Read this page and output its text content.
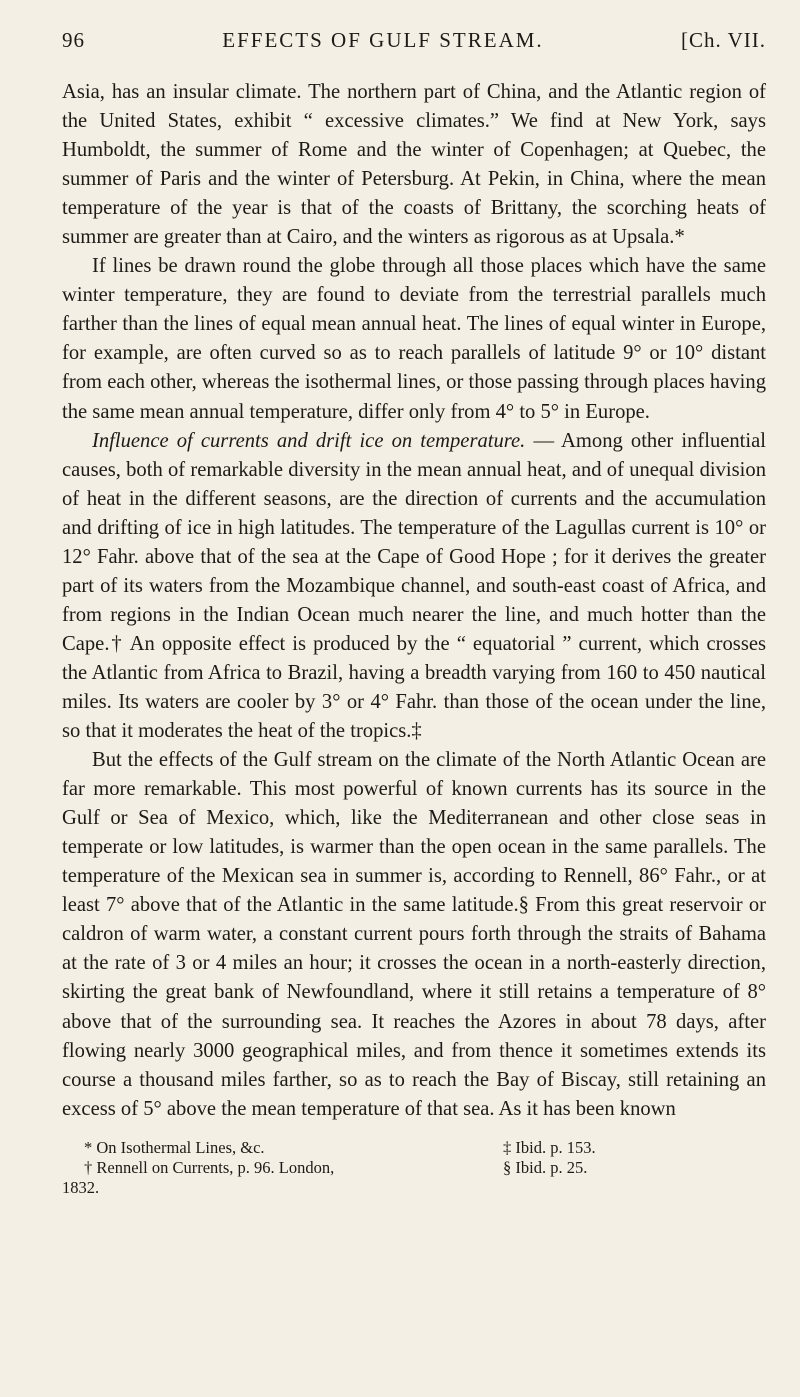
96	EFFECTS OF GULF STREAM.	[Ch. VII.

Asia, has an insular climate. The northern part of China, and the Atlantic region of the United States, exhibit “ excessive climates.” We find at New York, says Humboldt, the summer of Rome and the winter of Copenhagen; at Quebec, the summer of Paris and the winter of Petersburg. At Pekin, in China, where the mean temperature of the year is that of the coasts of Brittany, the scorching heats of summer are greater than at Cairo, and the winters as rigorous as at Upsala.*

If lines be drawn round the globe through all those places which have the same winter temperature, they are found to deviate from the terrestrial parallels much farther than the lines of equal mean annual heat. The lines of equal winter in Europe, for example, are often curved so as to reach parallels of latitude 9° or 10° distant from each other, whereas the isothermal lines, or those passing through places having the same mean annual temperature, differ only from 4° to 5° in Europe.

Influence of currents and drift ice on temperature. — Among other influential causes, both of remarkable diversity in the mean annual heat, and of unequal division of heat in the different seasons, are the direction of currents and the accumulation and drifting of ice in high latitudes. The temperature of the Lagullas current is 10° or 12° Fahr. above that of the sea at the Cape of Good Hope ; for it derives the greater part of its waters from the Mozambique channel, and south-east coast of Africa, and from regions in the Indian Ocean much nearer the line, and much hotter than the Cape.† An opposite effect is produced by the “ equatorial ” current, which crosses the Atlantic from Africa to Brazil, having a breadth varying from 160 to 450 nautical miles. Its waters are cooler by 3° or 4° Fahr. than those of the ocean under the line, so that it moderates the heat of the tropics.‡

But the effects of the Gulf stream on the climate of the North Atlantic Ocean are far more remarkable. This most powerful of known currents has its source in the Gulf or Sea of Mexico, which, like the Mediterranean and other close seas in temperate or low latitudes, is warmer than the open ocean in the same parallels. The temperature of the Mexican sea in summer is, according to Rennell, 86° Fahr., or at least 7° above that of the Atlantic in the same latitude.§ From this great reservoir or caldron of warm water, a constant current pours forth through the straits of Bahama at the rate of 3 or 4 miles an hour; it crosses the ocean in a north-easterly direction, skirting the great bank of Newfoundland, where it still retains a temperature of 8° above that of the surrounding sea. It reaches the Azores in about 78 days, after flowing nearly 3000 geographical miles, and from thence it sometimes extends its course a thousand miles farther, so as to reach the Bay of Biscay, still retaining an excess of 5° above the mean temperature of that sea. As it has been known

* On Isothermal Lines, &c.	‡ Ibid. p. 153.
† Rennell on Currents, p. 96. London,	§ Ibid. p. 25.
1832.
